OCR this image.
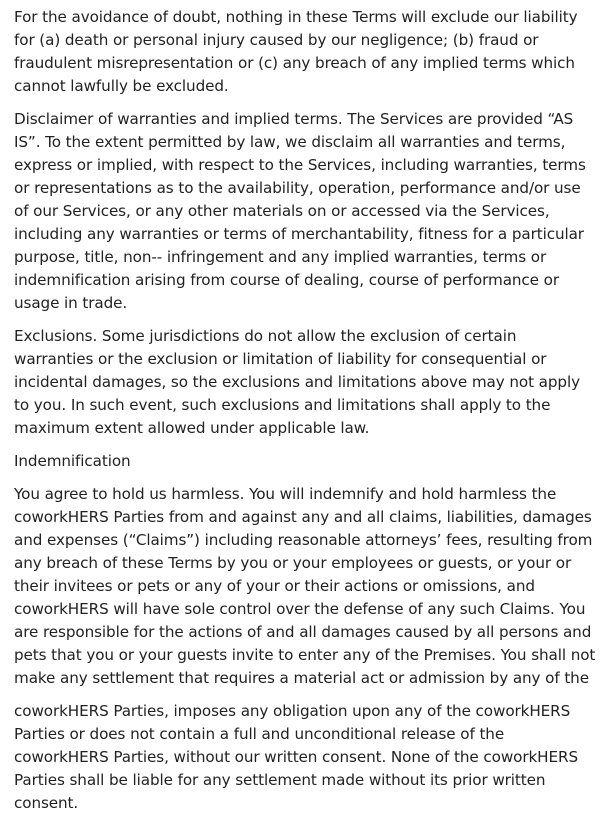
For the avoidance of doubt, nothing in these Terms will exclude our liability for (a) death or personal injury caused by our negligence; (b) fraud or fraudulent misrepresentation or (c) any breach of any implied terms which cannot lawfully be excluded.

Disclaimer of warranties and implied terms. The Services are provided “AS IS”. To the extent permitted by law, we disclaim all warranties and terms, express or implied, with respect to the Services, including warranties, terms or representations as to the availability, operation, performance and/or use of our Services, or any other materials on or accessed via the Services, including any warranties or terms of merchantability, fitness for a particular purpose, title, non-- infringement and any implied warranties, terms or indemnification arising from course of dealing, course of performance or usage in trade.

Exclusions. Some jurisdictions do not allow the exclusion of certain warranties or the exclusion or limitation of liability for consequential or incidental damages, so the exclusions and limitations above may not apply to you. In such event, such exclusions and limitations shall apply to the maximum extent allowed under applicable law.

Indemnification

You agree to hold us harmless. You will indemnify and hold harmless the coworkHERS Parties from and against any and all claims, liabilities, damages and expenses (“Claims”) including reasonable attorneys’ fees, resulting from any breach of these Terms by you or your employees or guests, or your or their invitees or pets or any of your or their actions or omissions, and coworkHERS will have sole control over the defense of any such Claims. You are responsible for the actions of and all damages caused by all persons and pets that you or your guests invite to enter any of the Premises. You shall not make any settlement that requires a material act or admission by any of the

coworkHERS Parties, imposes any obligation upon any of the coworkHERS Parties or does not contain a full and unconditional release of the coworkHERS Parties, without our written consent. None of the coworkHERS Parties shall be liable for any settlement made without its prior written consent.
